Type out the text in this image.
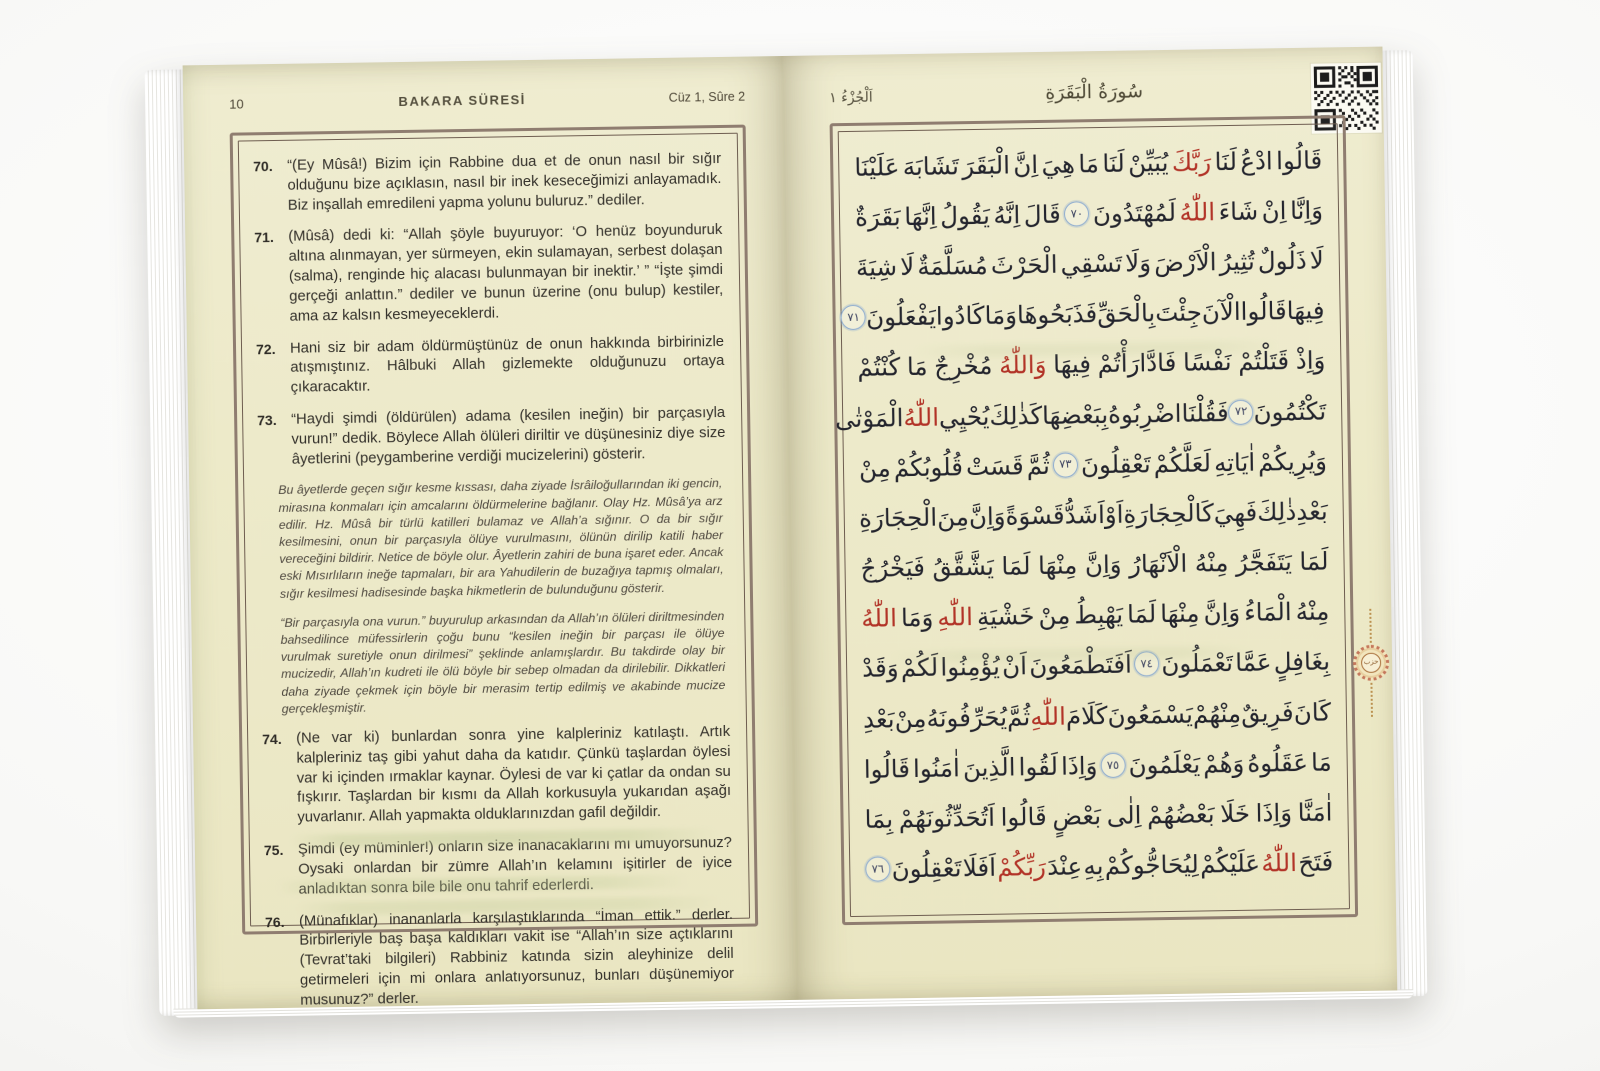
10	BAKARA SÜRESİ	Cüz 1, Sûre 2
70. “(Ey Mûsâ!) Bizim için Rabbine dua et de onun nasıl bir sığır olduğunu bize açıklasın, nasıl bir inek keseceğimizi anlayamadık. Biz inşallah emredileni yapma yolunu buluruz.” dediler.

71. (Mûsâ) dedi ki: “Allah şöyle buyuruyor: ‘O henüz boyunduruk altına alınmayan, yer sürmeyen, ekin sulamayan, serbest dolaşan (salma), renginde hiç alacası bulunmayan bir inektir.’ ” “İşte şimdi gerçeği anlattın.” dediler ve bunun üzerine (onu bulup) kestiler, ama az kalsın kesmeyeceklerdi.

72. Hani siz bir adam öldürmüştünüz de onun hakkında birbirinizle atışmıştınız. Hâlbuki Allah gizlemekte olduğunuzu ortaya çıkaracaktır.

73. “Haydi şimdi (öldürülen) adama (kesilen ineğin) bir parçasıyla vurun!” dedik. Böylece Allah ölüleri diriltir ve düşünesiniz diye size âyetlerini (peygamberine verdiği mucizelerini) gösterir.

Bu âyetlerde geçen sığır kesme kıssası, daha ziyade İsrâiloğullarından iki gencin, mirasına konmaları için amcalarını öldürmelerine bağlanır. Olay Hz. Mûsâ’ya arz edilir. Hz. Mûsâ bir türlü katilleri bulamaz ve Allah’a sığınır. O da bir sığır kesilmesini, onun bir parçasıyla ölüye vurulmasını, ölünün dirilip katili haber vereceğini bildirir. Netice de böyle olur. Âyetlerin zahiri de buna işaret eder. Ancak eski Mısırlıların ineğe tapmaları, bir ara Yahudilerin de buzağıya tapmış olmaları, sığır kesilmesi hadisesinde başka hikmetlerin de bulunduğunu gösterir.

“Bir parçasıyla ona vurun.” buyurulup arkasından da Allah’ın ölüleri diriltmesinden bahsedilince müfessirlerin çoğu bunu “kesilen ineğin bir parçası ile ölüye vurulmak suretiyle onun dirilmesi” şeklinde anlamışlardır. Bu takdirde olay bir mucizedir, Allah’ın kudreti ile ölü böyle bir sebep olmadan da dirilebilir. Dikkatleri daha ziyade çekmek için böyle bir merasim tertip edilmiş ve akabinde mucize gerçekleşmiştir.

74. (Ne var ki) bunlardan sonra yine kalpleriniz katılaştı. Artık kalpleriniz taş gibi yahut daha da katıdır. Çünkü taşlardan öylesi var ki içinden ırmaklar kaynar. Öylesi de var ki çatlar da ondan su fışkırır. Taşlardan bir kısmı da Allah korkusuyla yukarıdan aşağı yuvarlanır. Allah yapmakta olduklarınızdan gafil değildir.

75. Şimdi (ey müminler!) onların size inanacaklarını mı umuyorsunuz? Oysaki onlardan bir zümre Allah’ın kelamını işitirler de iyice anladıktan sonra bile bile onu tahrif ederlerdi.

76. (Münafıklar) inananlarla karşılaştıklarında “İman ettik.” derler. Birbirleriyle baş başa kaldıkları vakit ise “Allah’ın size açtıklarını (Tevrat’taki bilgileri) Rabbiniz katında sizin aleyhinize delil getirmeleri için mi onlara anlatıyorsunuz, bunları düşünemiyor musunuz?” derler.

اَلْجُزْءُ ١	سُورَةُ الْبَقَرَةِ
قَالُوا
ادْعُ
لَنَا
رَبَّكَ
يُبَيِّنْ
لَنَا
مَا
هِيَ
اِنَّ
الْبَقَرَ
تَشَابَهَ
عَلَيْنَا
وَاِنَّا
اِنْ
شَاءَ
اللّٰهُ
لَمُهْتَدُونَ
٧٠
قَالَ
اِنَّهُ
يَقُولُ
اِنَّهَا
بَقَرَةٌ
لَا
ذَلُولٌ
تُثِيرُ
الْاَرْضَ
وَلَا
تَسْقِي
الْحَرْثَ
مُسَلَّمَةٌ
لَا
شِيَةَ
فِيهَا
قَالُوا
الْآنَ
جِئْتَ
بِالْحَقِّ
فَذَبَحُوهَا
وَمَا
كَادُوا
يَفْعَلُونَ
٧١
وَاِذْ
قَتَلْتُمْ
نَفْسًا
فَادَّارَأْتُمْ
فِيهَا
وَاللّٰهُ
مُخْرِجٌ
مَا
كُنْتُمْ
تَكْتُمُونَ
٧٢
فَقُلْنَا
اضْرِبُوهُ
بِبَعْضِهَا
كَذٰلِكَ
يُحْيِي
اللّٰهُ
الْمَوْتٰى
وَيُرِيكُمْ
اٰيَاتِهِ
لَعَلَّكُمْ
تَعْقِلُونَ
٧٣
ثُمَّ
قَسَتْ
قُلُوبُكُمْ
مِنْ
بَعْدِ
ذٰلِكَ
فَهِيَ
كَالْحِجَارَةِ
اَوْ
اَشَدُّ
قَسْوَةً
وَاِنَّ
مِنَ
الْحِجَارَةِ
لَمَا
يَتَفَجَّرُ
مِنْهُ
الْاَنْهَارُ
وَاِنَّ
مِنْهَا
لَمَا
يَشَّقَّقُ
فَيَخْرُجُ
مِنْهُ
الْمَاءُ
وَاِنَّ
مِنْهَا
لَمَا
يَهْبِطُ
مِنْ
خَشْيَةِ
اللّٰهِ
وَمَا
اللّٰهُ
بِغَافِلٍ
عَمَّا
تَعْمَلُونَ
٧٤
اَفَتَطْمَعُونَ
اَنْ
يُؤْمِنُوا
لَكُمْ
وَقَدْ
كَانَ
فَرِيقٌ
مِنْهُمْ
يَسْمَعُونَ
كَلَامَ
اللّٰهِ
ثُمَّ
يُحَرِّفُونَهُ
مِنْ
بَعْدِ
مَا
عَقَلُوهُ
وَهُمْ
يَعْلَمُونَ
٧٥
وَاِذَا
لَقُوا
الَّذِينَ
اٰمَنُوا
قَالُوا
اٰمَنَّا
وَاِذَا
خَلَا
بَعْضُهُمْ
اِلٰى
بَعْضٍ
قَالُوا
اَتُحَدِّثُونَهُمْ
بِمَا
فَتَحَ
اللّٰهُ
عَلَيْكُمْ
لِيُحَاجُّوكُمْ
بِهِ
عِنْدَ
رَبِّكُمْ
اَفَلَا
تَعْقِلُونَ
٧٦
حزب
